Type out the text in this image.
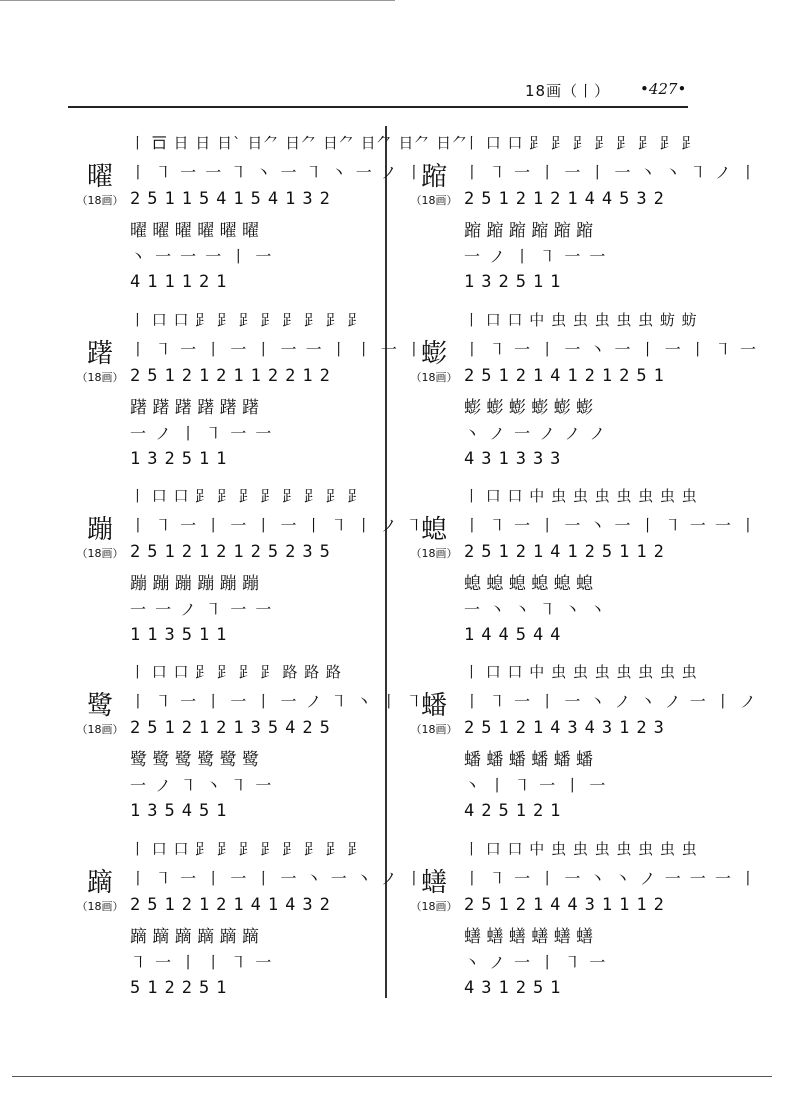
18画（丨） •427•
曜
（18画）
丨 𠮛 日 日 日ˋ 日⺈ 日⺈ 日⺈ 日⺈ 日⺈ 日⺈
丨 ㇕ 一 一 ㇕ 丶 一 ㇕ 丶 一 ノ 丨
251154154132
曜 曜 曜 曜 曜 曜
丶 一 一 一 丨 一
411121
躇
（18画）
丨 口 口 𧾷 𧾷 𧾷 𧾷 𧾷 𧾷 𧾷 𧾷
丨 ㇕ 一 丨 一 丨 一 一 丨 丨 一 丨
251212112212
躇 躇 躇 躇 躇 躇
一 ノ 丨 ㇕ 一 一
132511
蹦
（18画）
丨 口 口 𧾷 𧾷 𧾷 𧾷 𧾷 𧾷 𧾷 𧾷
丨 ㇕ 一 丨 一 丨 一 丨 ㇕ 丨 ノ ㇕
251212125235
蹦 蹦 蹦 蹦 蹦 蹦
一 一 ノ ㇕ 一 一
113511
鹭
（18画）
丨 口 口 𧾷 𧾷 𧾷 𧾷 路 路 路
丨 ㇕ 一 丨 一 丨 一 ノ ㇕ 丶 丨 ㇕
251212135425
鹭 鹭 鹭 鹭 鹭 鹭
一 ノ ㇕ 丶 ㇕ 一
135451
蹢
（18画）
丨 口 口 𧾷 𧾷 𧾷 𧾷 𧾷 𧾷 𧾷 𧾷
丨 ㇕ 一 丨 一 丨 一 丶 一 丶 ノ 丨
251212141432
蹢 蹢 蹢 蹢 蹢 蹢
㇕ 一 丨 丨 ㇕ 一
512251
蹜
（18画）
丨 口 口 𧾷 𧾷 𧾷 𧾷 𧾷 𧾷 𧾷 𧾷
丨 ㇕ 一 丨 一 丨 一 丶 丶 ㇕ ノ 丨
251212144532
蹜 蹜 蹜 蹜 蹜 蹜
一 ノ 丨 ㇕ 一 一
132511
蟛
（18画）
丨 口 口 中 虫 虫 虫 虫 虫 蚄 蚄
丨 ㇕ 一 丨 一 丶 一 丨 一 丨 ㇕ 一
251214121251
蟛 蟛 蟛 蟛 蟛 蟛
丶 ノ 一 ノ ノ ノ
431333
螅
（18画）
丨 口 口 中 虫 虫 虫 虫 虫 虫 虫
丨 ㇕ 一 丨 一 丶 一 丨 ㇕ 一 一 丨
251214125112
螅 螅 螅 螅 螅 螅
一 丶 丶 ㇕ 丶 丶
144544
蟠
（18画）
丨 口 口 中 虫 虫 虫 虫 虫 虫 虫
丨 ㇕ 一 丨 一 丶 ノ 丶 ノ 一 丨 ノ
251214343123
蟠 蟠 蟠 蟠 蟠 蟠
丶 丨 ㇕ 一 丨 一
425121
蟮
（18画）
丨 口 口 中 虫 虫 虫 虫 虫 虫 虫
丨 ㇕ 一 丨 一 丶 丶 ノ 一 一 一 丨
251214431112
蟮 蟮 蟮 蟮 蟮 蟮
丶 ノ 一 丨 ㇕ 一
431251
